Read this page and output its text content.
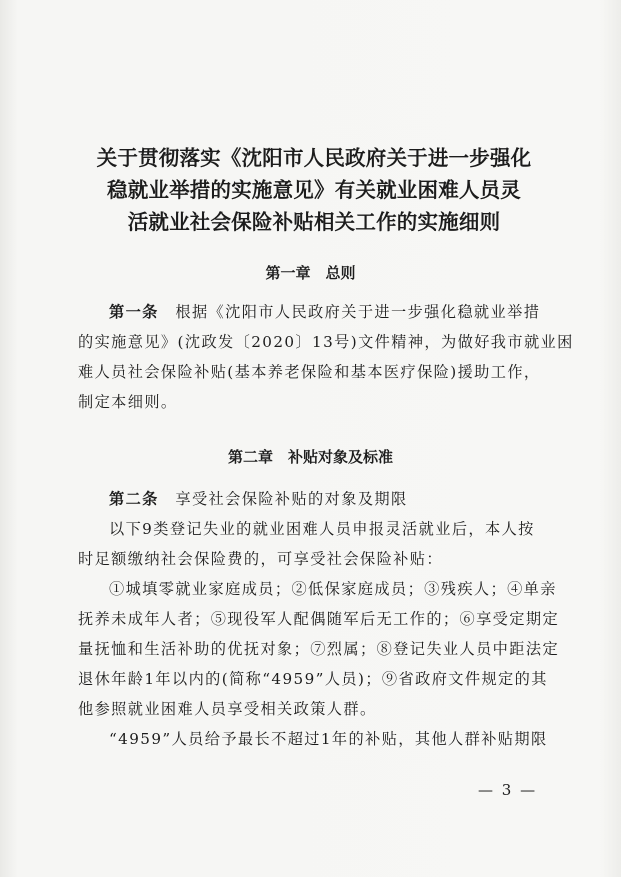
关于贯彻落实《沈阳市人民政府关于进一步强化
稳就业举措的实施意见》有关就业困难人员灵
活就业社会保险补贴相关工作的实施细则
第一章　总则
第一条　根据《沈阳市人民政府关于进一步强化稳就业举措
的实施意见》(沈政发〔2020〕13号)文件精神，为做好我市就业困
难人员社会保险补贴(基本养老保险和基本医疗保险)援助工作，
制定本细则。
第二章　补贴对象及标准
第二条　享受社会保险补贴的对象及期限
以下9类登记失业的就业困难人员申报灵活就业后，本人按
时足额缴纳社会保险费的，可享受社会保险补贴：
①城填零就业家庭成员；②低保家庭成员；③残疾人；④单亲
抚养未成年人者；⑤现役军人配偶随军后无工作的；⑥享受定期定
量抚恤和生活补助的优抚对象；⑦烈属；⑧登记失业人员中距法定
退休年龄1年以内的(简称“4959”人员)；⑨省政府文件规定的其
他参照就业困难人员享受相关政策人群。
“4959”人员给予最长不超过1年的补贴，其他人群补贴期限
— 3 —
